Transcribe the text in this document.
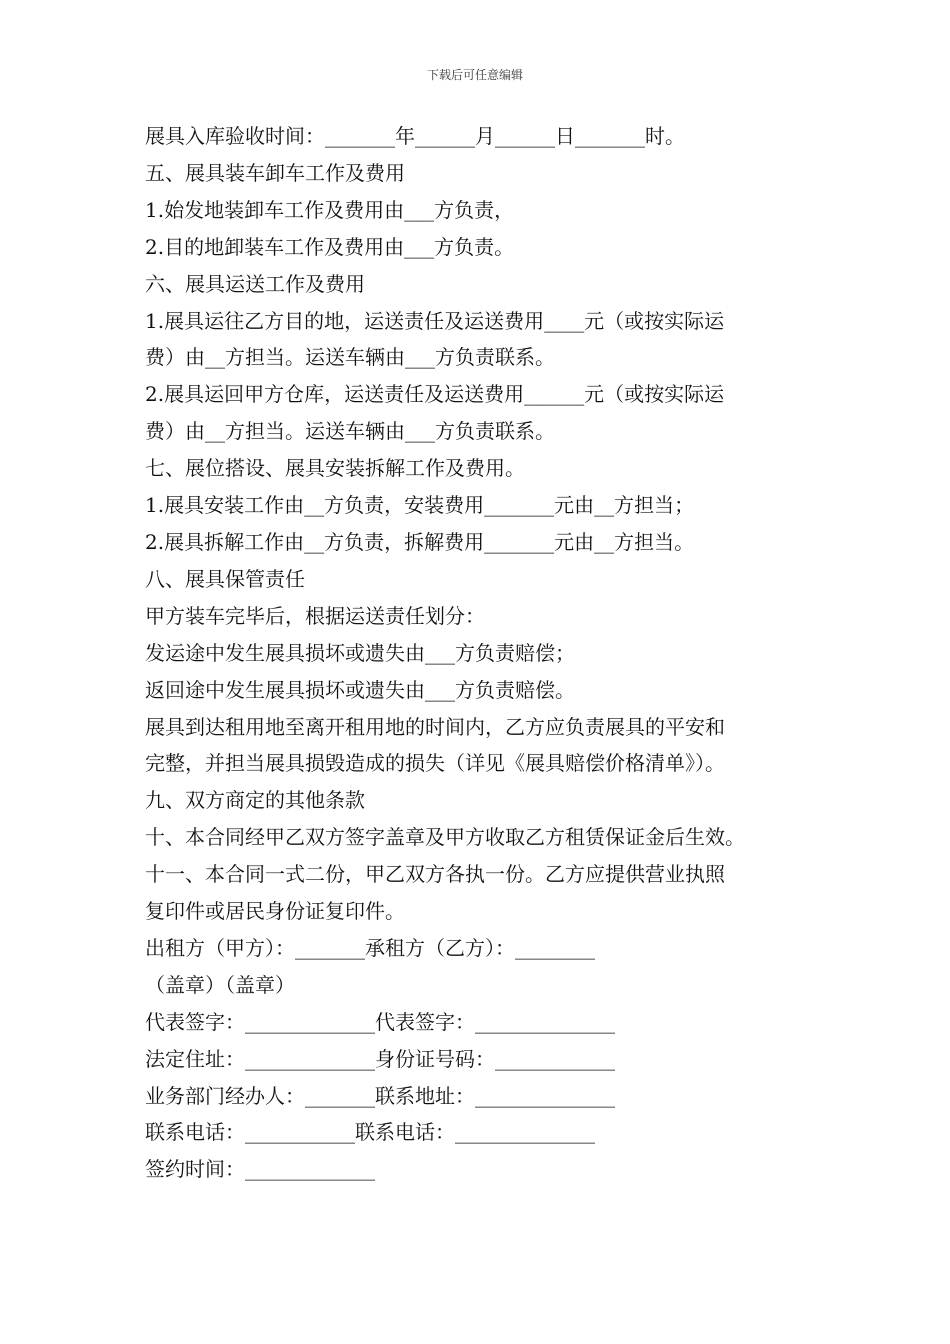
下载后可任意编辑
展具入库验收时间：_______年______月______日_______时。
五、展具装车卸车工作及费用
1.始发地装卸车工作及费用由___方负责，
2.目的地卸装车工作及费用由___方负责。
六、展具运送工作及费用
1.展具运往乙方目的地，运送责任及运送费用____元（或按实际运
费）由__方担当。运送车辆由___方负责联系。
2.展具运回甲方仓库，运送责任及运送费用______元（或按实际运
费）由__方担当。运送车辆由___方负责联系。
七、展位搭设、展具安装拆解工作及费用。
1.展具安装工作由__方负责，安装费用_______元由__方担当；
2.展具拆解工作由__方负责，拆解费用_______元由__方担当。
八、展具保管责任
甲方装车完毕后，根据运送责任划分：
发运途中发生展具损坏或遗失由___方负责赔偿；
返回途中发生展具损坏或遗失由___方负责赔偿。
展具到达租用地至离开租用地的时间内，乙方应负责展具的平安和
完整，并担当展具损毁造成的损失（详见《展具赔偿价格清单》）。
九、双方商定的其他条款
十、本合同经甲乙双方签字盖章及甲方收取乙方租赁保证金后生效。
十一、本合同一式二份，甲乙双方各执一份。乙方应提供营业执照
复印件或居民身份证复印件。
出租方（甲方）：_______承租方（乙方）：________
（盖章）（盖章）
代表签字：_____________代表签字：______________
法定住址：_____________身份证号码：____________
业务部门经办人：_______联系地址：______________
联系电话：___________联系电话：______________
签约时间：_____________
